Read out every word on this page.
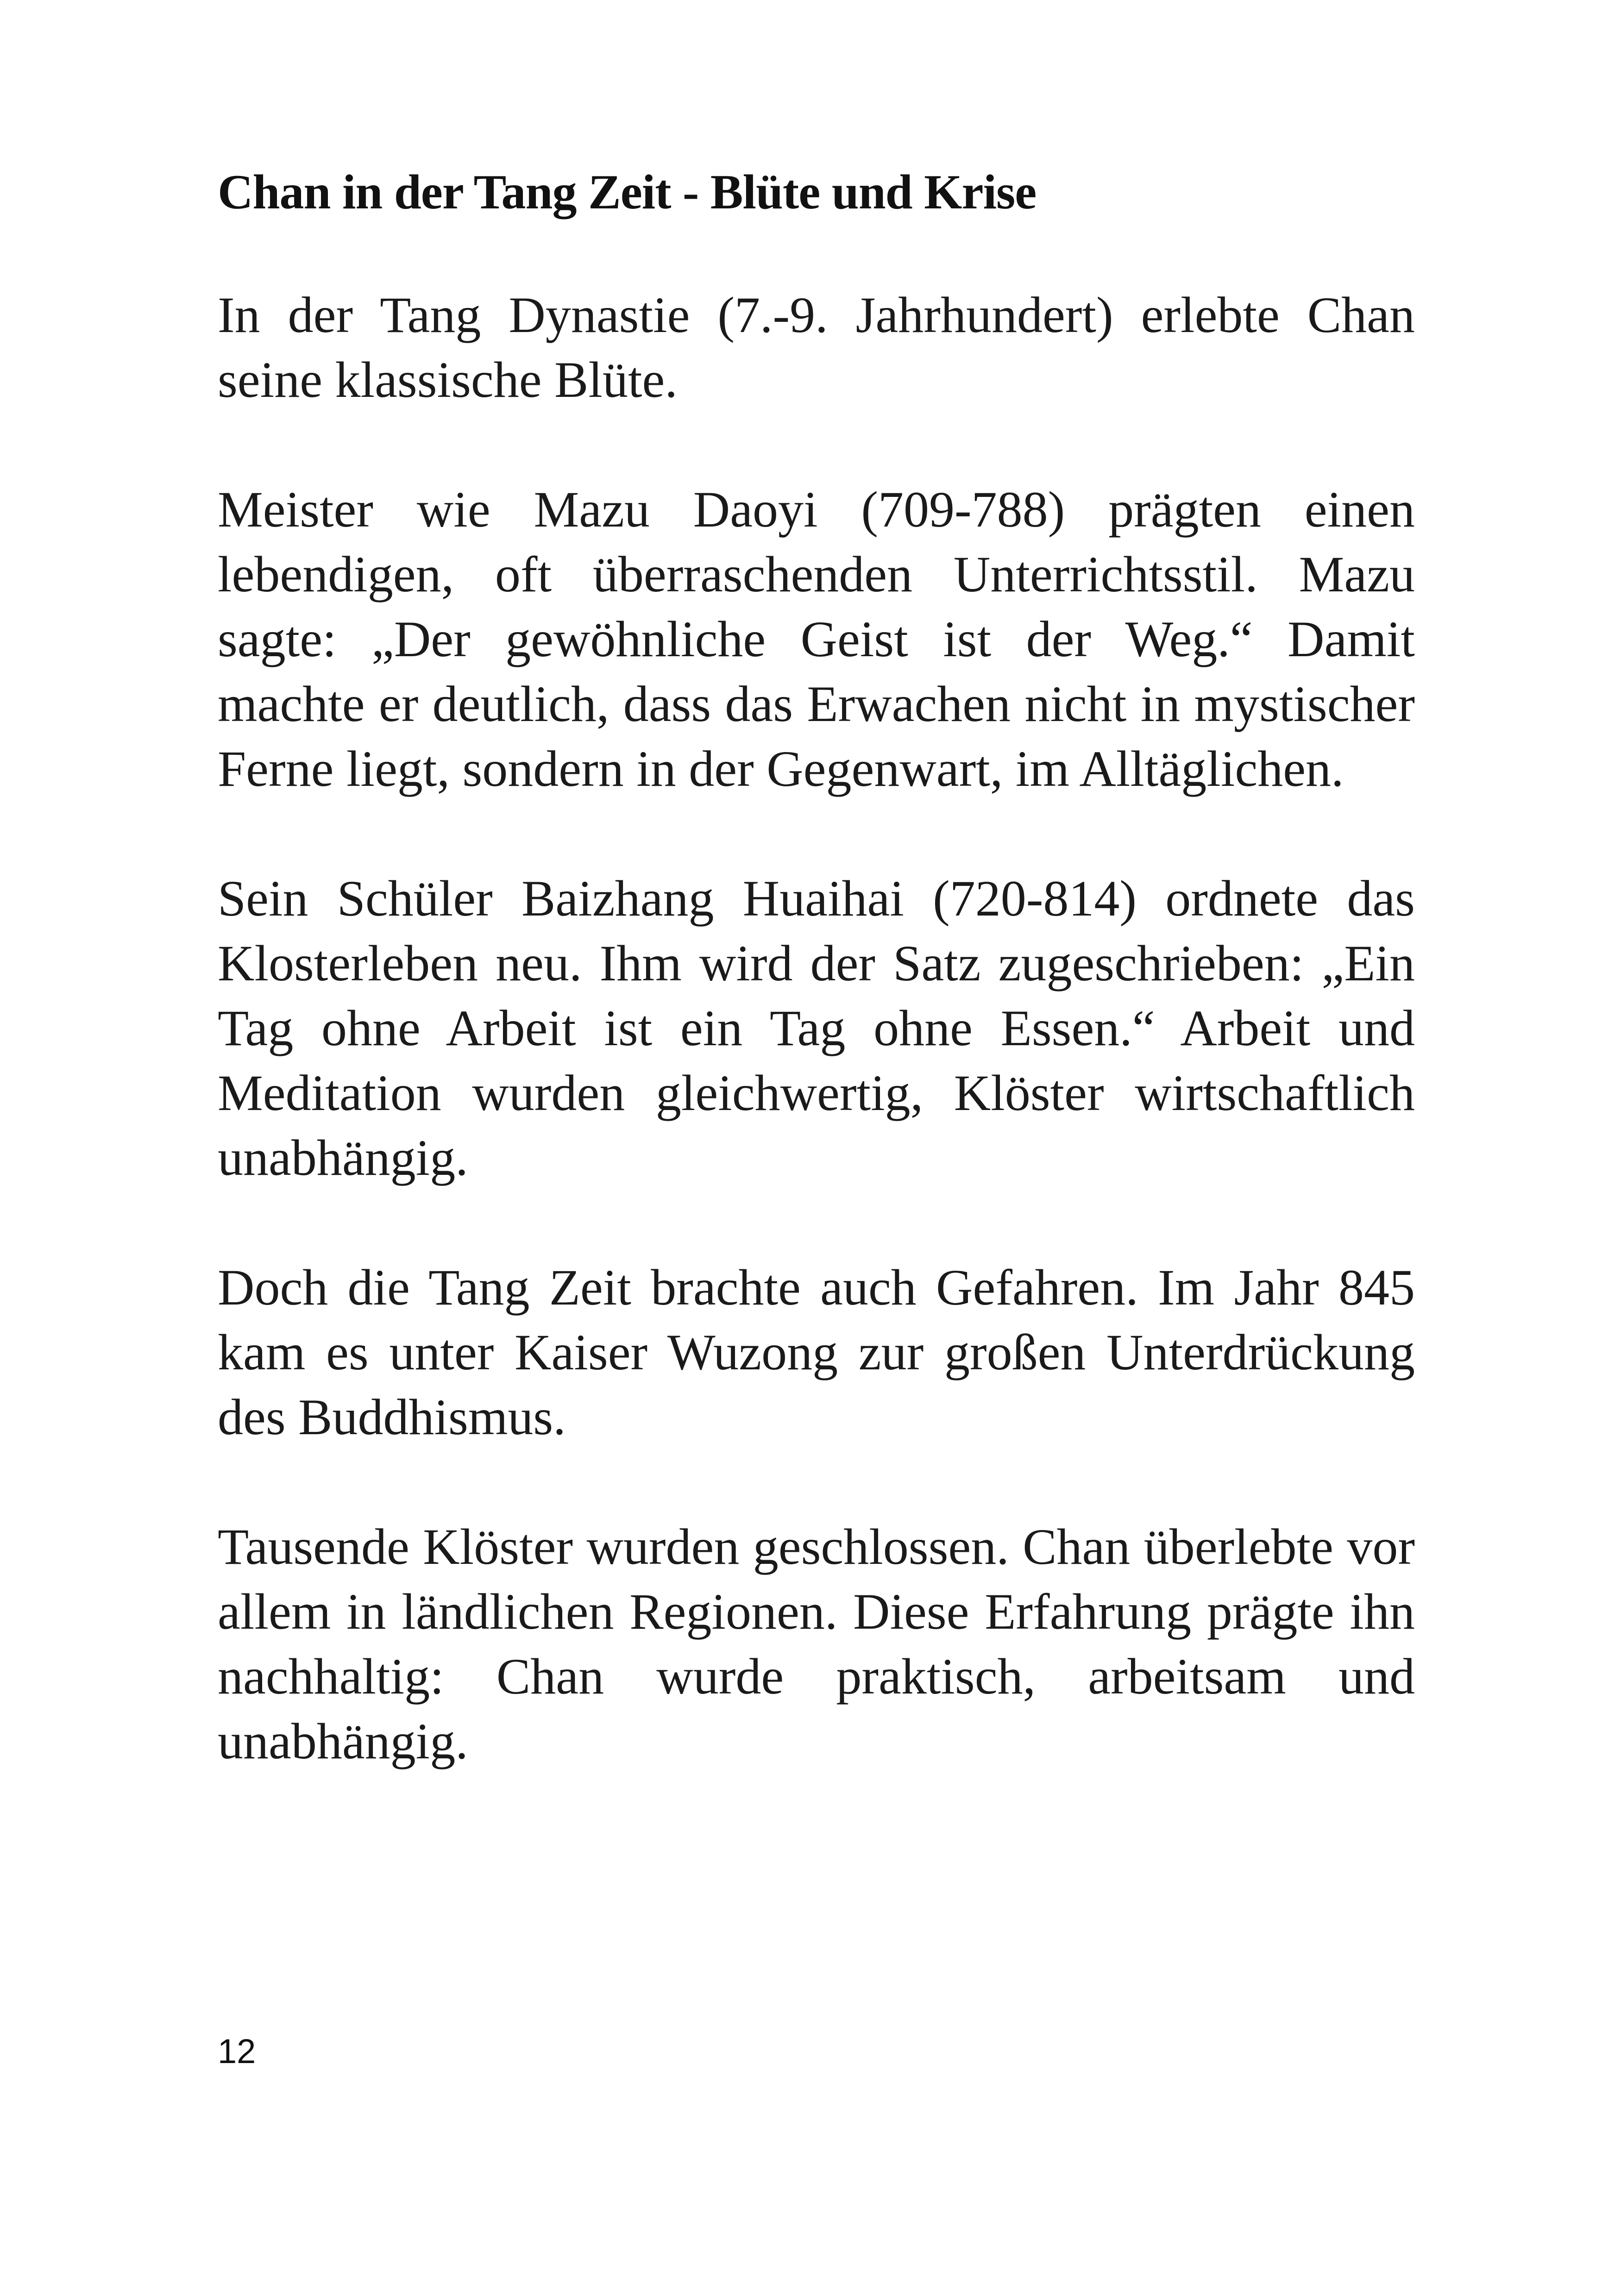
Chan in der Tang Zeit - Blüte und Krise

In der Tang Dynastie (7.-9. Jahrhundert) erlebte Chan seine klassische Blüte.

Meister wie Mazu Daoyi (709-788) prägten einen lebendigen, oft überraschenden Unterrichtsstil. Mazu sagte: „Der gewöhnliche Geist ist der Weg.“ Damit machte er deutlich, dass das Erwachen nicht in mystischer Ferne liegt, sondern in der Gegenwart, im Alltäglichen.

Sein Schüler Baizhang Huaihai (720-814) ordnete das Klosterleben neu. Ihm wird der Satz zugeschrieben: „Ein Tag ohne Arbeit ist ein Tag ohne Essen.“ Arbeit und Meditation wurden gleichwertig, Klöster wirtschaftlich unabhängig.

Doch die Tang Zeit brachte auch Gefahren. Im Jahr 845 kam es unter Kaiser Wuzong zur großen Unterdrückung des Buddhismus.

Tausende Klöster wurden geschlossen. Chan überlebte vor allem in ländlichen Regionen. Diese Erfahrung prägte ihn nachhaltig: Chan wurde praktisch, arbeitsam und unabhängig.

12
